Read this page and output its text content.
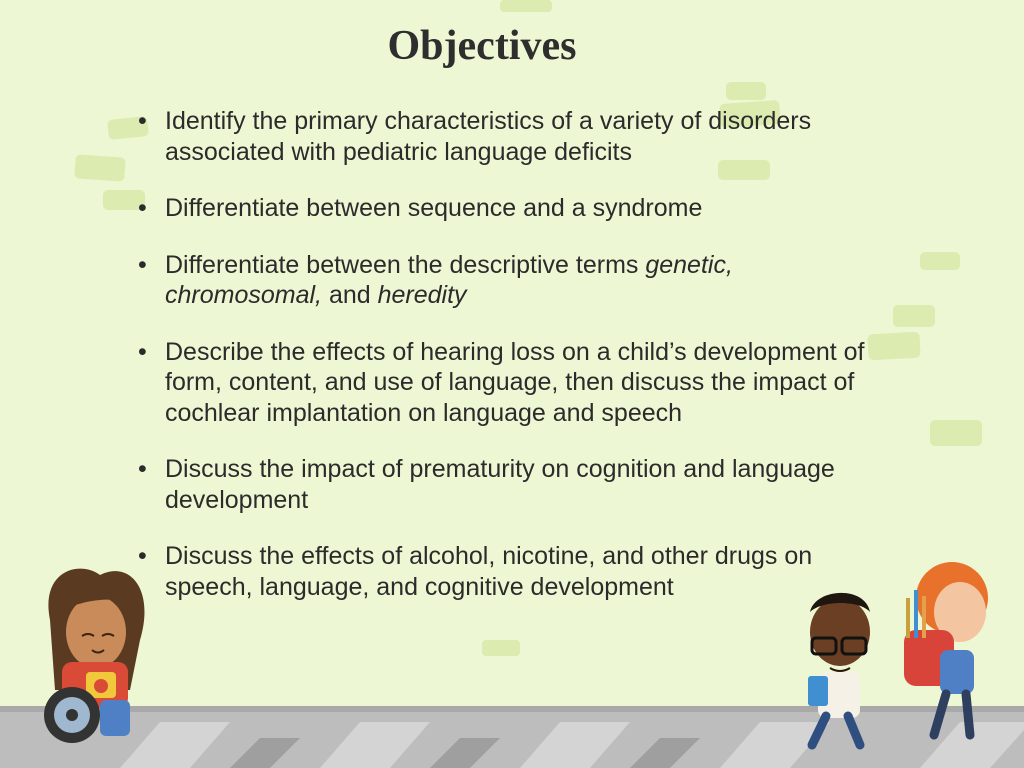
Objectives
• Identify the primary characteristics of a variety of disorders associated with pediatric language deficits
• Differentiate between sequence and a syndrome
• Differentiate between the descriptive terms genetic, chromosomal, and heredity
• Describe the effects of hearing loss on a child’s development of form, content, and use of language, then discuss the impact of cochlear implantation on language and speech
• Discuss the impact of prematurity on cognition and language development
• Discuss the effects of alcohol, nicotine, and other drugs on speech, language, and cognitive development
